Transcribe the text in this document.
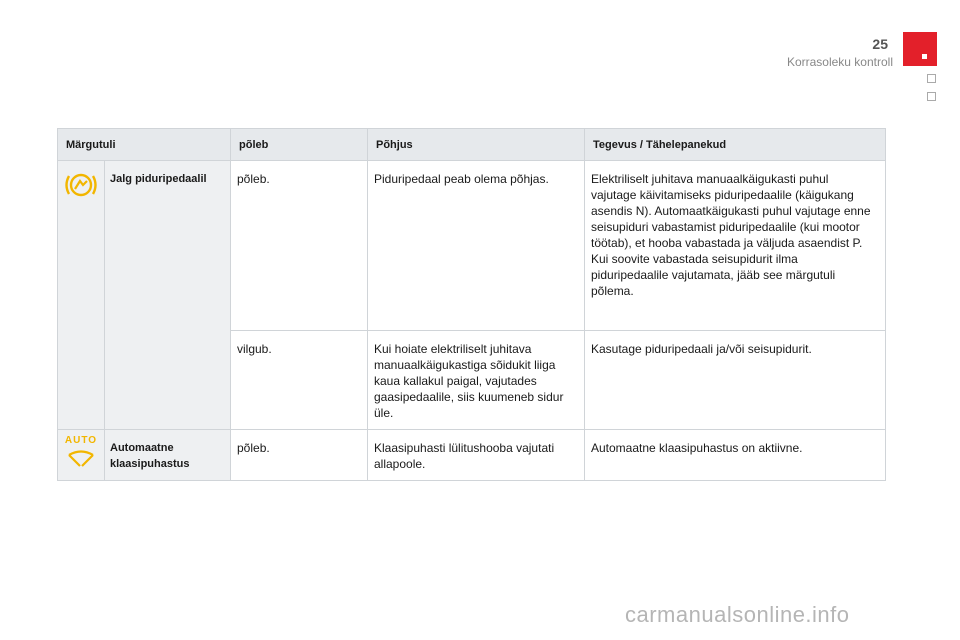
25
Korrasoleku kontroll
Märgutuli		põleb	Põhjus	Tegevus / Tähelepanekud
	Jalg piduripedaalil	põleb.	Piduripedaal peab olema põhjas.	Elektriliselt juhitava manuaalkäigukasti puhul vajutage käivitamiseks piduripedaalile (käigukang asendis N). Automaatkäigukasti puhul vajutage enne seisupiduri vabastamist piduripedaalile (kui mootor töötab), et hooba vabastada ja väljuda asaendist P. Kui soovite vabastada seisupidurit ilma piduripedaalile vajutamata, jääb see märgutuli põlema.
		vilgub.	Kui hoiate elektriliselt juhitava manuaalkäigukastiga sõidukit liiga kaua kallakul paigal, vajutades gaasipedaalile, siis kuumeneb sidur üle.	Kasutage piduripedaali ja/või seisupidurit.

AUTO	Automaatne klaasipuhastus	põleb.	Klaasipuhasti lülitushooba vajutati allapoole.	Automaatne klaasipuhastus on aktiivne.
carmanualsonline.info
